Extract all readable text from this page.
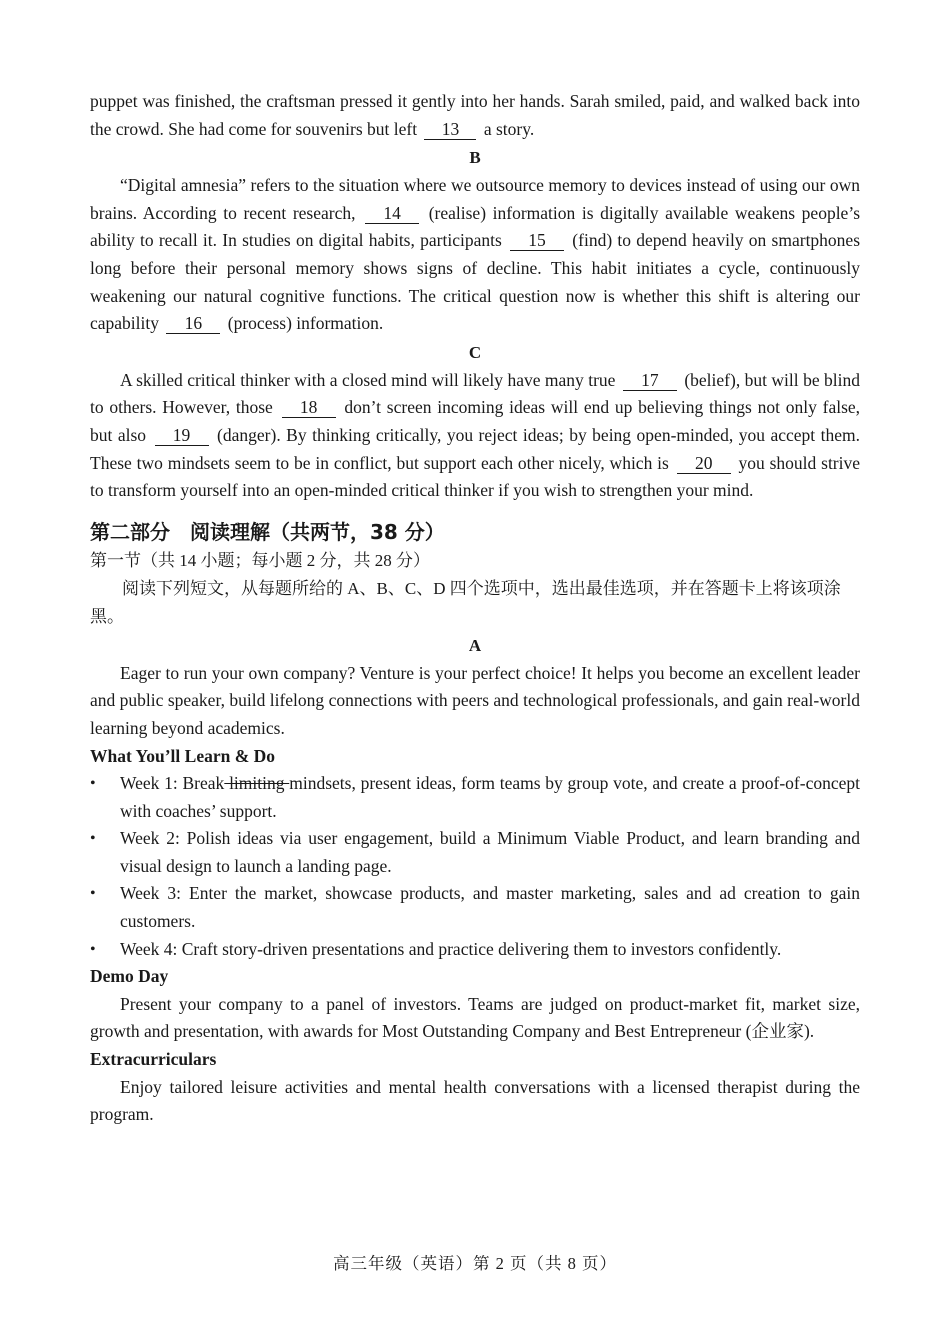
puppet was finished, the craftsman pressed it gently into her hands. Sarah smiled, paid, and walked back into the crowd. She had come for souvenirs but left 13 a story.

B

“Digital amnesia” refers to the situation where we outsource memory to devices instead of using our own brains. According to recent research, 14 (realise) information is digitally available weakens people’s ability to recall it. In studies on digital habits, participants 15 (find) to depend heavily on smartphones long before their personal memory shows signs of decline. This habit initiates a cycle, continuously weakening our natural cognitive functions. The critical question now is whether this shift is altering our capability 16 (process) information.

C

A skilled critical thinker with a closed mind will likely have many true 17 (belief), but will be blind to others. However, those 18 don’t screen incoming ideas will end up believing things not only false, but also 19 (danger). By thinking critically, you reject ideas; by being open-minded, you accept them. These two mindsets seem to be in conflict, but support each other nicely, which is 20 you should strive to transform yourself into an open-minded critical thinker if you wish to strengthen your mind.

第二部分　阅读理解（共两节，38 分）

第一节（共 14 小题；每小题 2 分，共 28 分）

阅读下列短文，从每题所给的 A、B、C、D 四个选项中，选出最佳选项，并在答题卡上将该项涂黑。

A

Eager to run your own company? Venture is your perfect choice! It helps you become an excellent leader and public speaker, build lifelong connections with peers and technological professionals, and gain real-world learning beyond academics.

What You’ll Learn & Do

• Week 1: Break limiting mindsets, present ideas, form teams by group vote, and create a proof-of-concept with coaches’ support.
• Week 2: Polish ideas via user engagement, build a Minimum Viable Product, and learn branding and visual design to launch a landing page.
• Week 3: Enter the market, showcase products, and master marketing, sales and ad creation to gain customers.
• Week 4: Craft story-driven presentations and practice delivering them to investors confidently.

Demo Day

Present your company to a panel of investors. Teams are judged on product-market fit, market size, growth and presentation, with awards for Most Outstanding Company and Best Entrepreneur (企业家).

Extracurriculars

Enjoy tailored leisure activities and mental health conversations with a licensed therapist during the program.

高三年级（英语）第 2 页（共 8 页）
